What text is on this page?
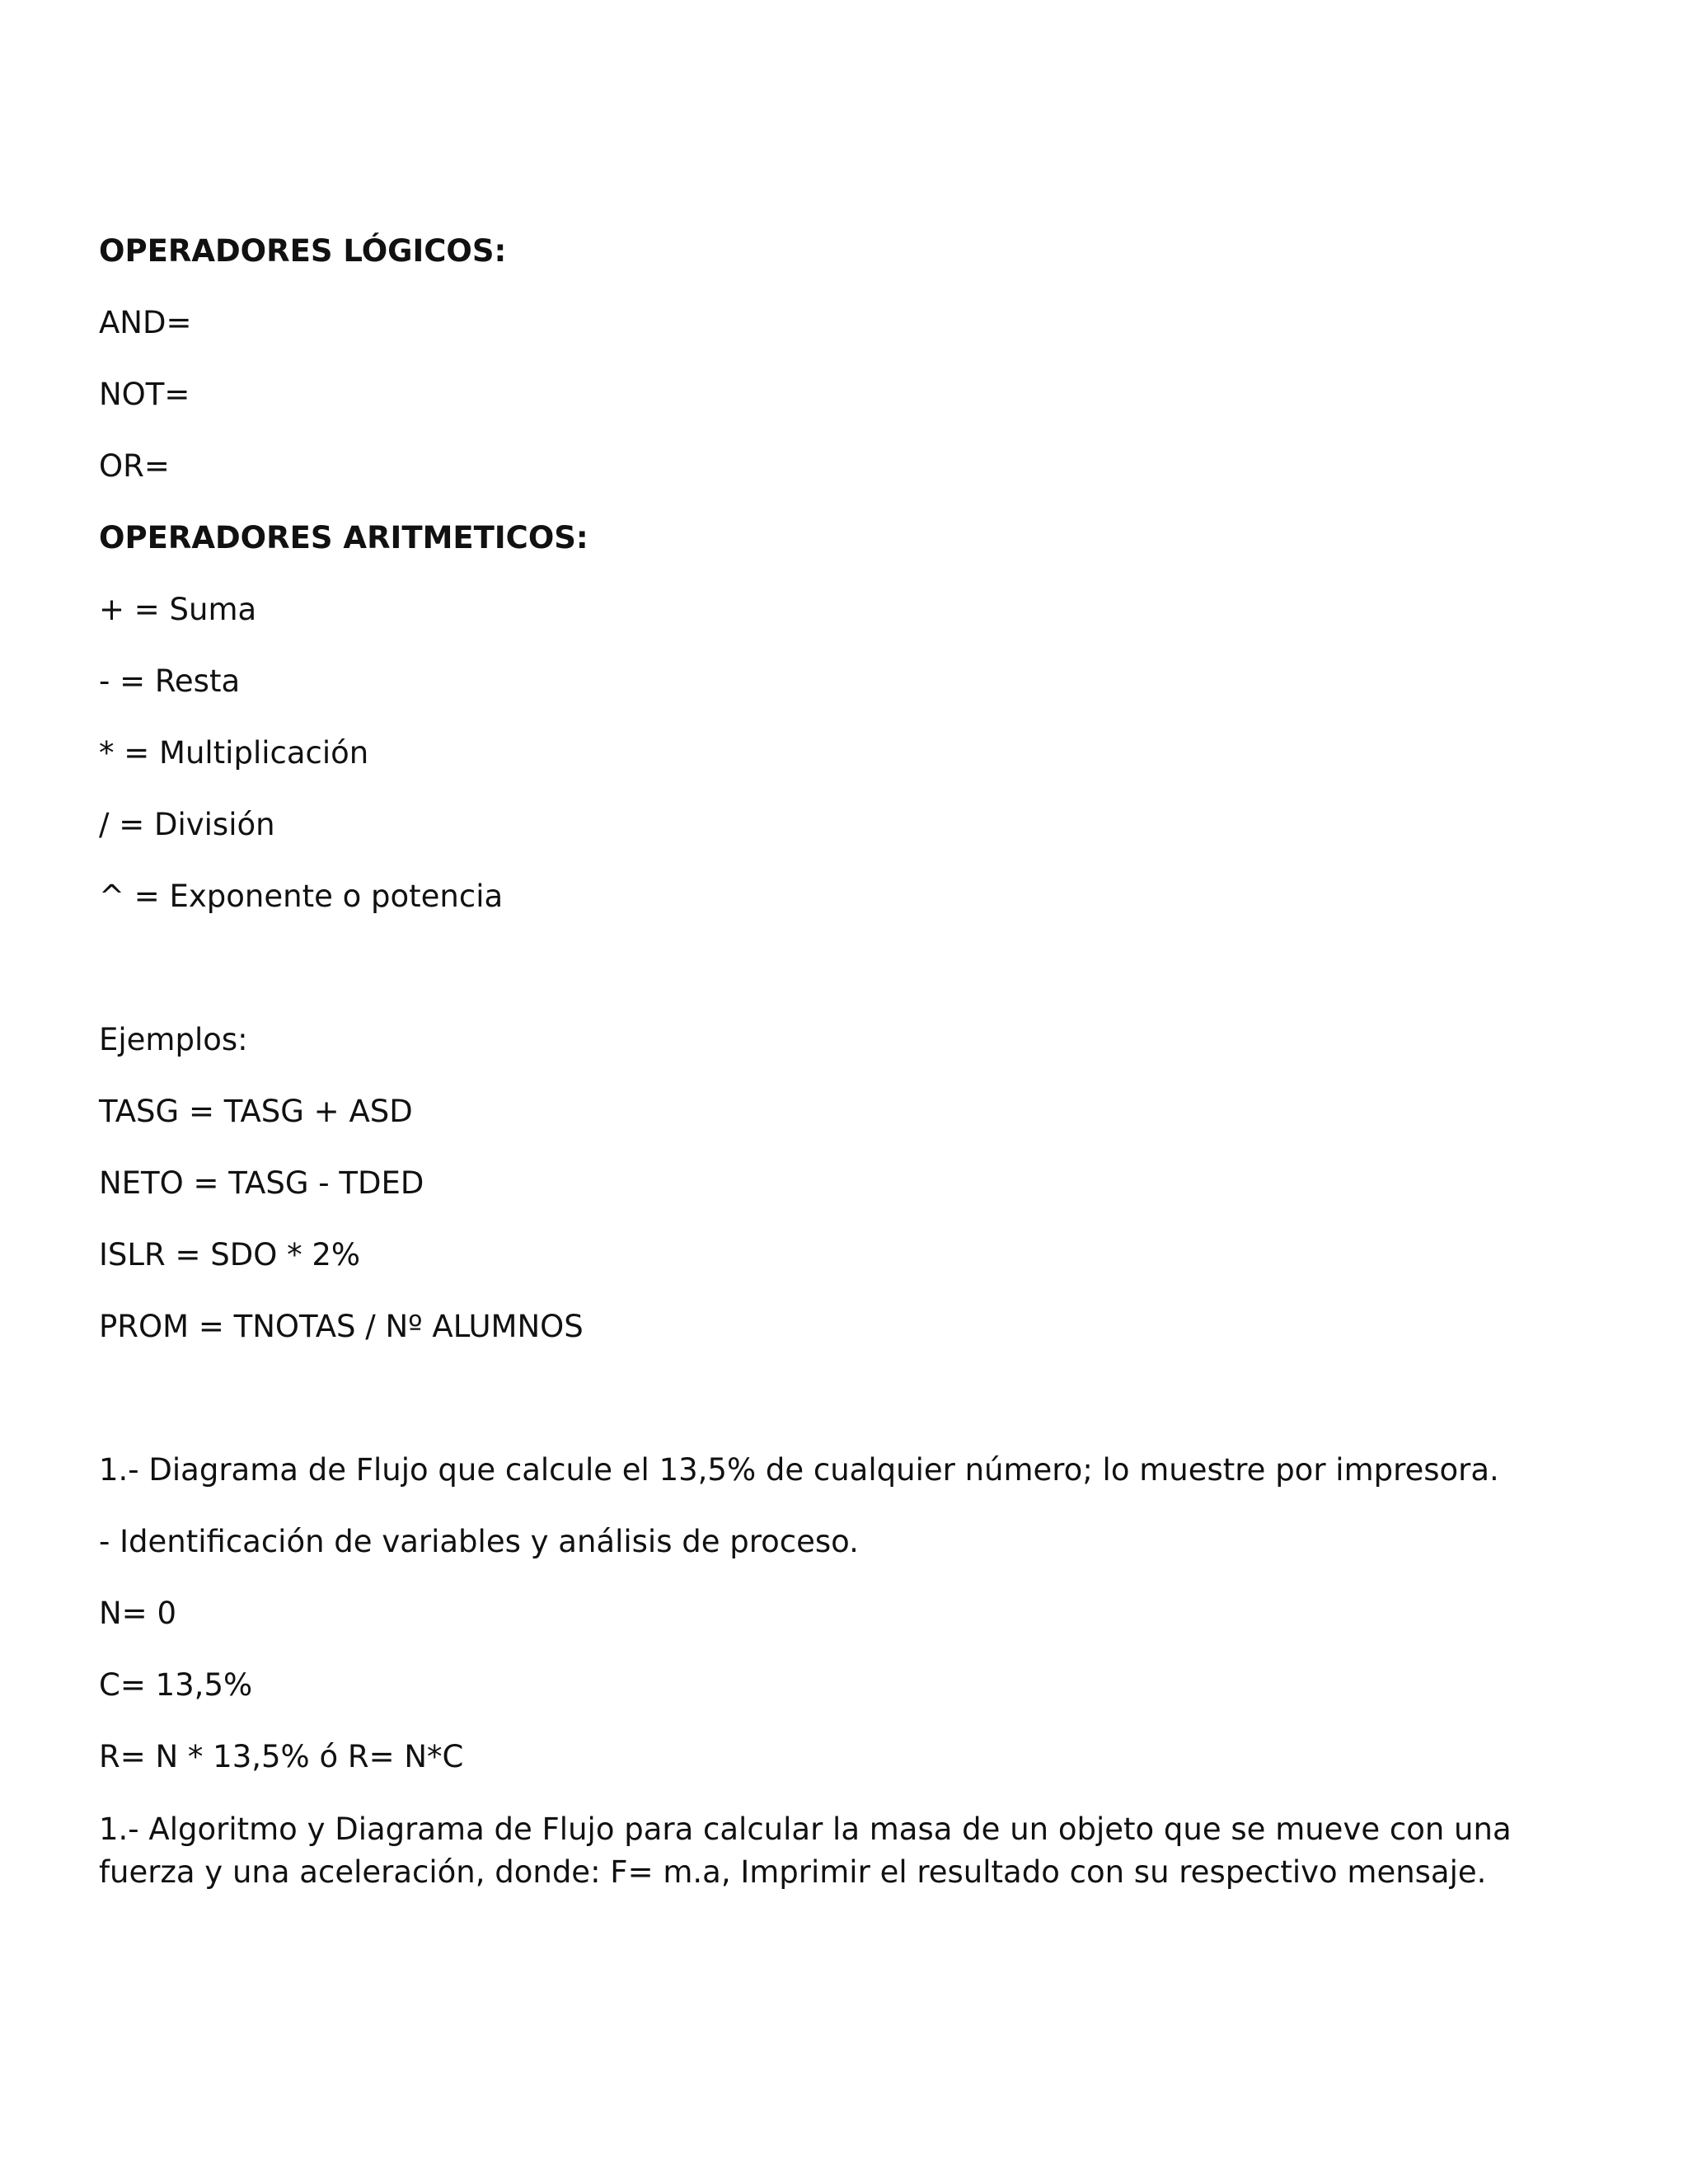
OPERADORES LÓGICOS:
AND=
NOT=
OR=
OPERADORES ARITMETICOS:
+ = Suma
- = Resta
* = Multiplicación
/ = División
^ = Exponente o potencia
Ejemplos:
TASG = TASG + ASD
NETO = TASG - TDED
ISLR = SDO * 2%
PROM = TNOTAS / Nº ALUMNOS
1.- Diagrama de Flujo que calcule el 13,5% de cualquier número; lo muestre por impresora.
- Identificación de variables y análisis de proceso.
N= 0
C= 13,5%
R= N * 13,5% ó R= N*C
1.- Algoritmo y Diagrama de Flujo para calcular la masa de un objeto que se mueve con una fuerza y una aceleración, donde: F= m.a, Imprimir el resultado con su respectivo mensaje.
